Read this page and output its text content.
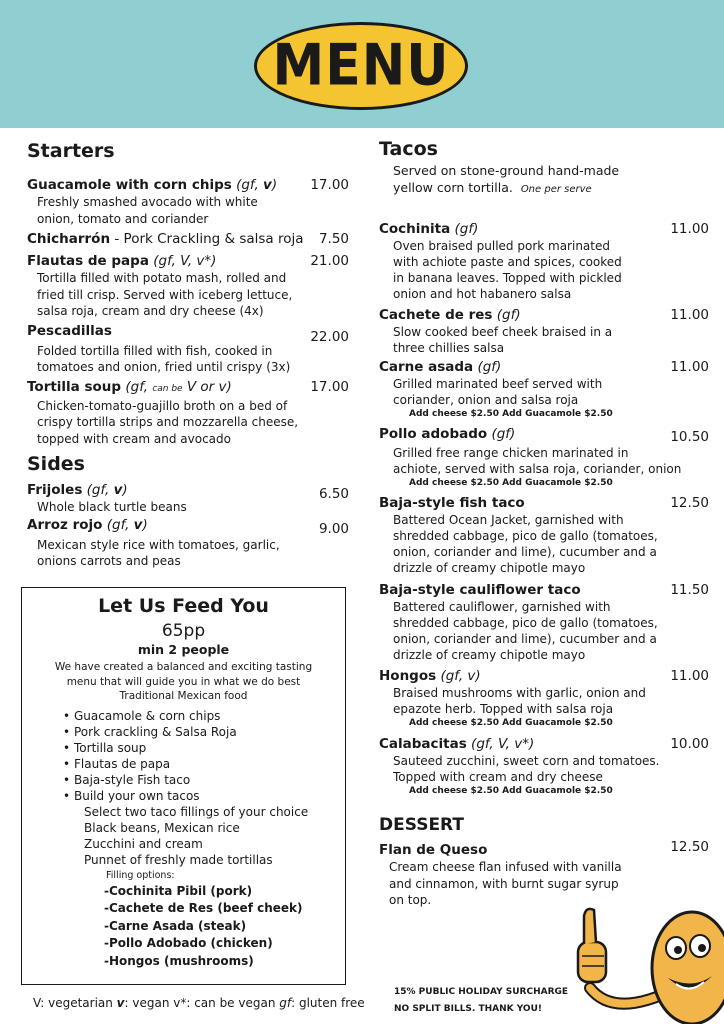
MENU
Starters
Guacamole with corn chips (gf, v) 17.00
Freshly smashed avocado with white
onion, tomato and coriander
Chicharrón - Pork Crackling & salsa roja 7.50
Flautas de papa (gf, V, v*)	21.00
Tortilla filled with potato mash, rolled and
fried till crisp. Served with iceberg lettuce,
salsa roja, cream and dry cheese (4x)
Pescadillas	22.00
Folded tortilla filled with fish, cooked in
tomatoes and onion, fried until crispy (3x)
Tortilla soup (gf, can be V or v)	17.00
Chicken-tomato-guajillo broth on a bed of
crispy tortilla strips and mozzarella cheese,
topped with cream and avocado
Sides
Frijoles (gf, v)	6.50
Whole black turtle beans
Arroz rojo (gf, v)	9.00
Mexican style rice with tomatoes, garlic,
onions carrots and peas
Let Us Feed You
65pp
min 2 people
We have created a balanced and exciting tasting
menu that will guide you in what we do best
Traditional Mexican food
• Guacamole & corn chips
• Pork crackling & Salsa Roja
• Tortilla soup
• Flautas de papa
• Baja-style Fish taco
• Build your own tacos
Select two taco fillings of your choice
Black beans, Mexican rice
Zucchini and cream
Punnet of freshly made tortillas
Filling options:
-Cochinita Pibil (pork)
-Cachete de Res (beef cheek)
-Carne Asada (steak)
-Pollo Adobado (chicken)
-Hongos (mushrooms)
V: vegetarian v: vegan v*: can be vegan gf: gluten free
Tacos
Served on stone-ground hand-made
yellow corn tortilla. One per serve
Cochinita (gf)	11.00
Oven braised pulled pork marinated
with achiote paste and spices, cooked
in banana leaves. Topped with pickled
onion and hot habanero salsa
Cachete de res (gf)	11.00
Slow cooked beef cheek braised in a
three chillies salsa
Carne asada (gf)	11.00
Grilled marinated beef served with
coriander, onion and salsa roja
Add cheese $2.50 Add Guacamole $2.50
Pollo adobado (gf)	10.50
Grilled free range chicken marinated in
achiote, served with salsa roja, coriander, onion
Add cheese $2.50 Add Guacamole $2.50
Baja-style fish taco	12.50
Battered Ocean Jacket, garnished with
shredded cabbage, pico de gallo (tomatoes,
onion, coriander and lime), cucumber and a
drizzle of creamy chipotle mayo
Baja-style cauliflower taco	11.50
Battered cauliflower, garnished with
shredded cabbage, pico de gallo (tomatoes,
onion, coriander and lime), cucumber and a
drizzle of creamy chipotle mayo
Hongos (gf, v)	11.00
Braised mushrooms with garlic, onion and
epazote herb. Topped with salsa roja
Add cheese $2.50 Add Guacamole $2.50
Calabacitas (gf, V, v*)	10.00
Sauteed zucchini, sweet corn and tomatoes.
Topped with cream and dry cheese
Add cheese $2.50 Add Guacamole $2.50
DESSERT
Flan de Queso	12.50
Cream cheese flan infused with vanilla
and cinnamon, with burnt sugar syrup
on top.
15% PUBLIC HOLIDAY SURCHARGE
NO SPLIT BILLS. THANK YOU!
